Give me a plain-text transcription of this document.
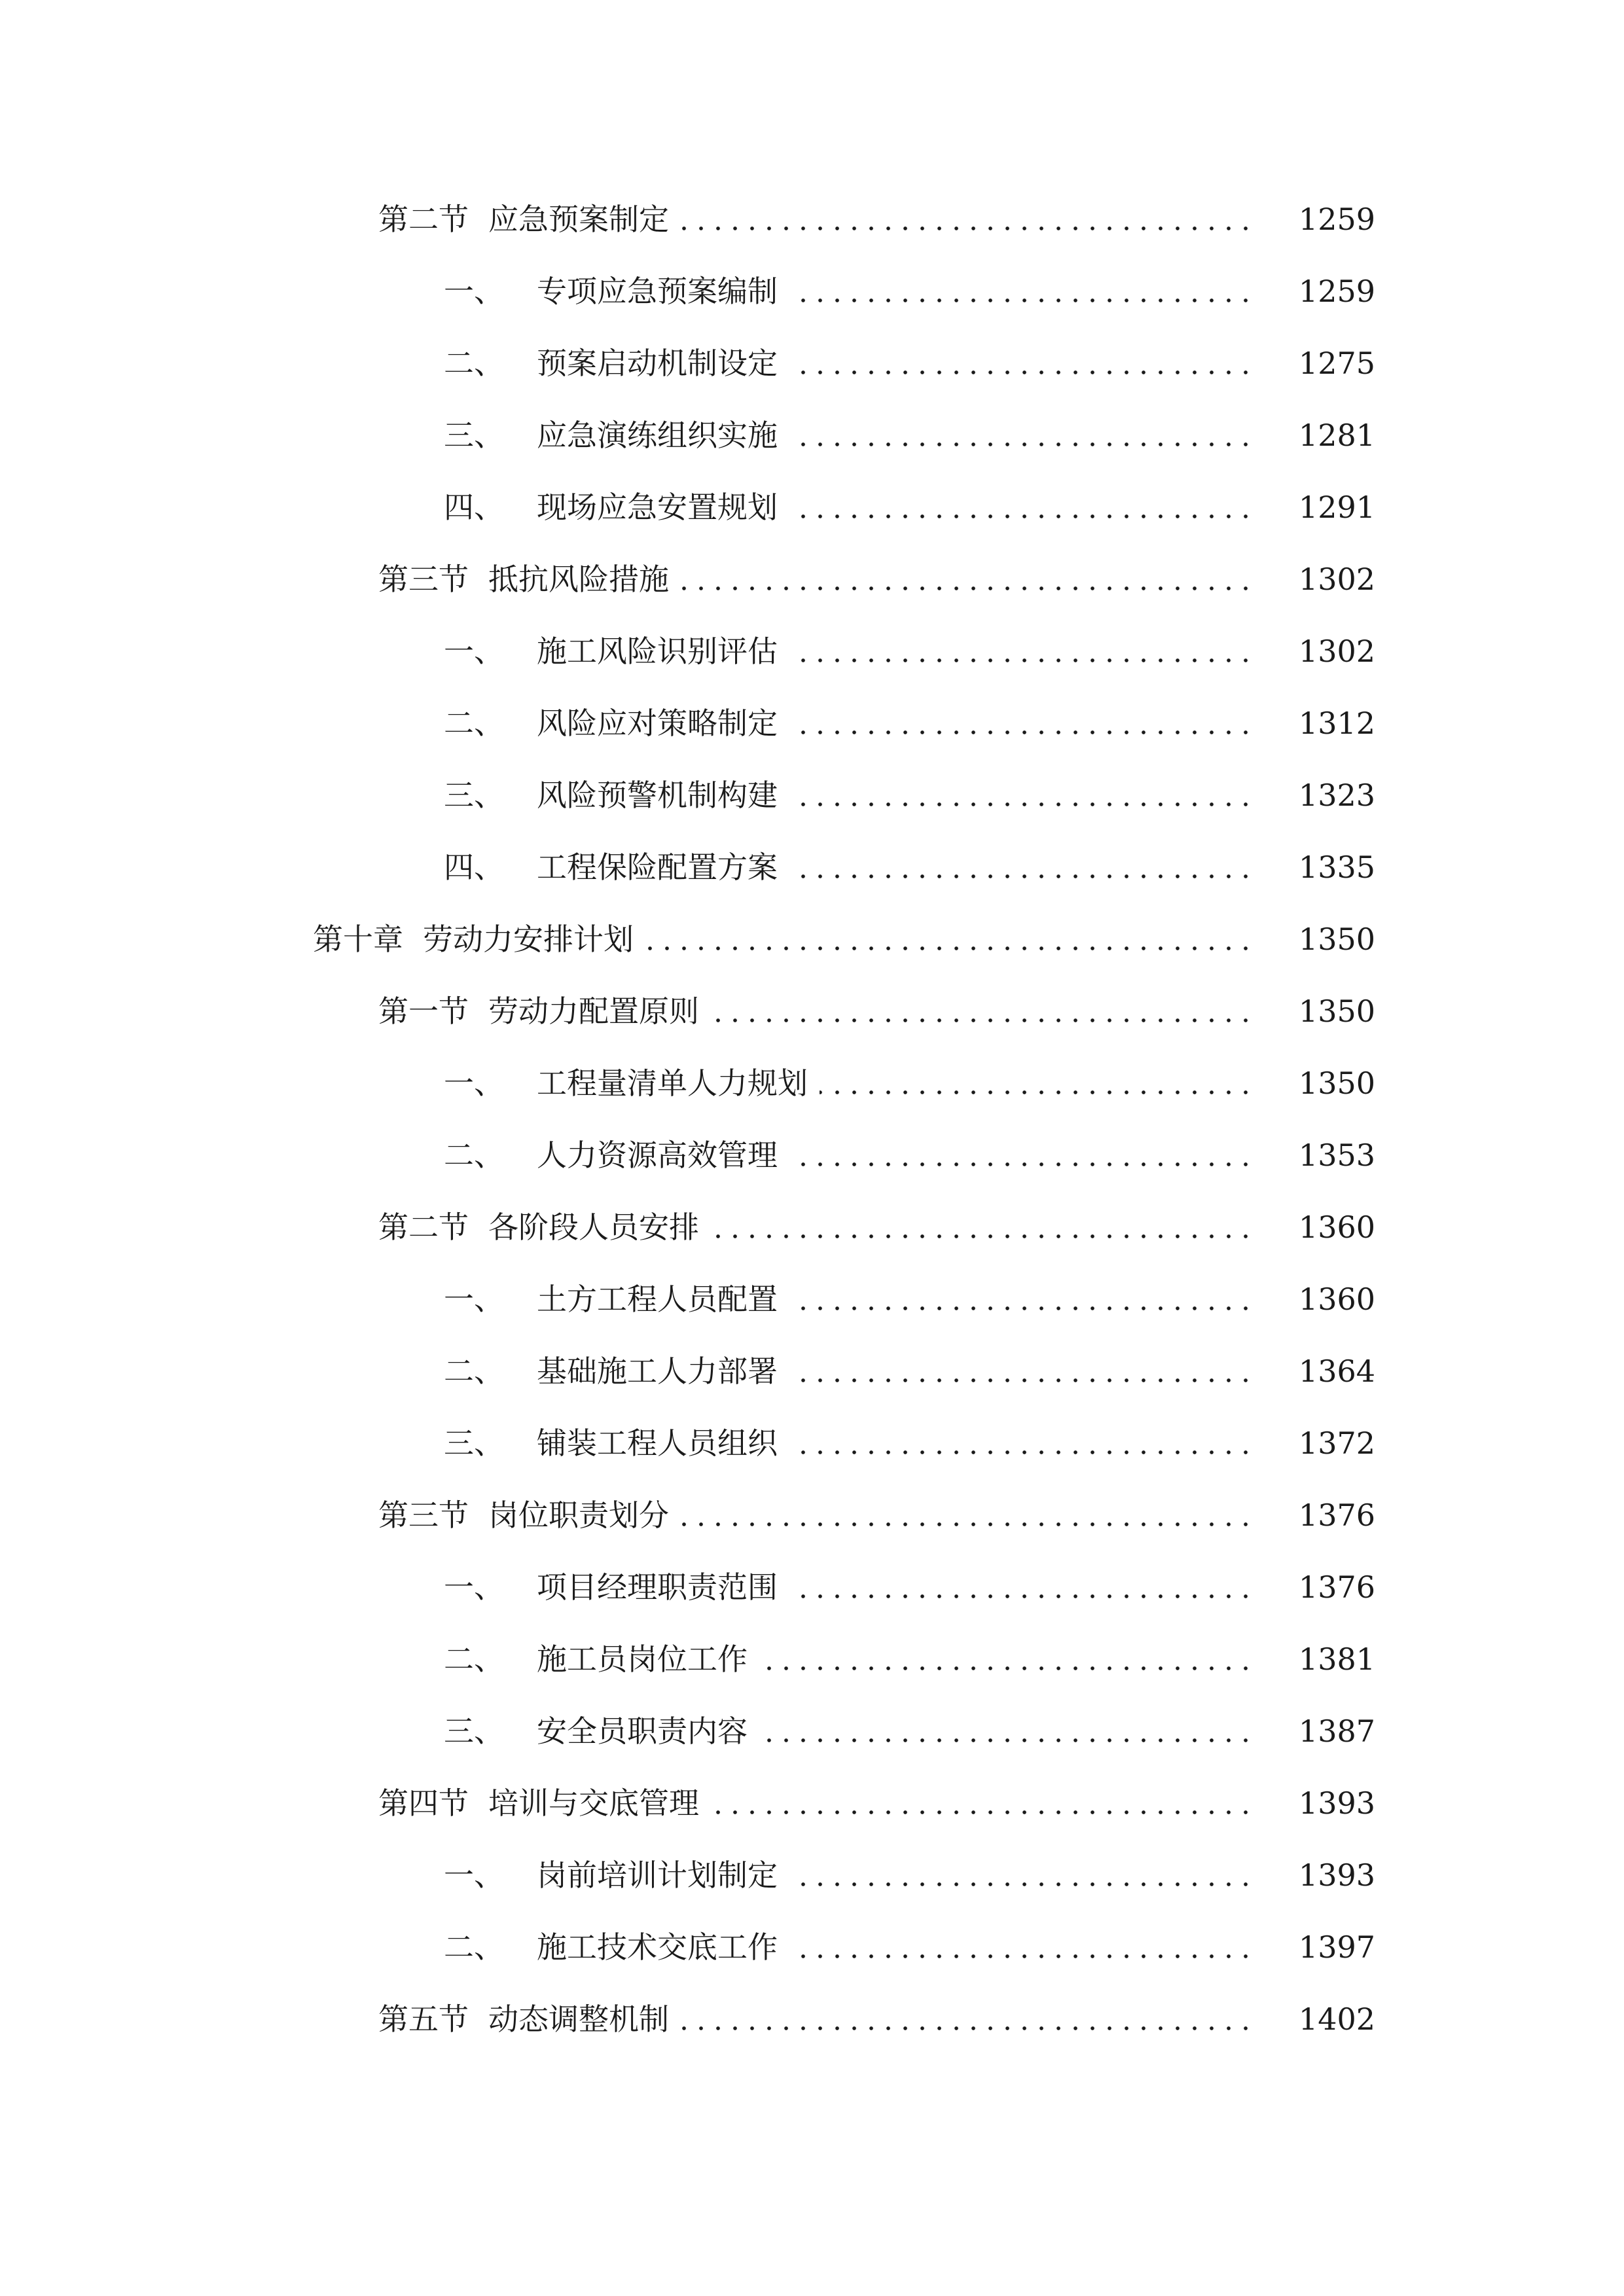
第二节 应急预案制定	1259
一、 专项应急预案编制	1259
二、 预案启动机制设定	1275
三、 应急演练组织实施	1281
四、 现场应急安置规划	1291
第三节 抵抗风险措施	1302
一、 施工风险识别评估	1302
二、 风险应对策略制定	1312
三、 风险预警机制构建	1323
四、 工程保险配置方案	1335
第十章 劳动力安排计划	1350
第一节 劳动力配置原则	1350
一、 工程量清单人力规划	1350
二、 人力资源高效管理	1353
第二节 各阶段人员安排	1360
一、 土方工程人员配置	1360
二、 基础施工人力部署	1364
三、 铺装工程人员组织	1372
第三节 岗位职责划分	1376
一、 项目经理职责范围	1376
二、 施工员岗位工作	1381
三、 安全员职责内容	1387
第四节 培训与交底管理	1393
一、 岗前培训计划制定	1393
二、 施工技术交底工作	1397
第五节 动态调整机制	1402
